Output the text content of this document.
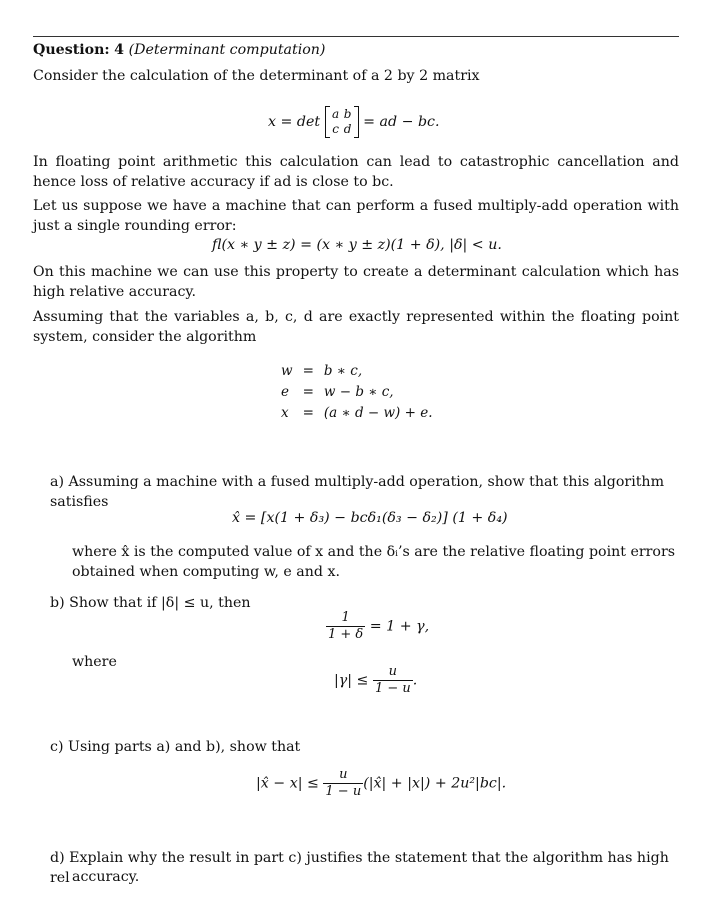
Question: 4 (Determinant computation)
Consider the calculation of the determinant of a 2 by 2 matrix
x = det a b
c d = ad − bc.
In floating point arithmetic this calculation can lead to catastrophic cancellation and hence loss of relative accuracy if ad is close to bc.
Let us suppose we have a machine that can perform a fused multiply-add operation with just a single rounding error:
fl(x ∗ y ± z) = (x ∗ y ± z)(1 + δ), |δ| < u.
On this machine we can use this property to create a determinant calculation which has high relative accuracy.
Assuming that the variables a, b, c, d are exactly represented within the floating point system, consider the algorithm
w	=	b ∗ c,
e	=	w − b ∗ c,
x	=	(a ∗ d − w) + e.
a) Assuming a machine with a fused multiply-add operation, show that this algorithm satisfies
x̂ = [x(1 + δ₃) − bcδ₁(δ₃ − δ₂)] (1 + δ₄)
where x̂ is the computed value of x and the δᵢ’s are the relative floating point errors obtained when computing w, e and x.
b) Show that if |δ| ≤ u, then
$\frac{1}{1 + \delta} = 1 + \gamma$,
where
$|\gamma| \le \frac{u}{1 - u}$ .
c) Using parts a) and b), show that
|x̂ − $x| \le \frac{u}{1 - u}$ (|x̂| + |x|) + 2u²|bc|.
d) Explain why the result in part c) justifies the statement that the algorithm has high rel accuracy.
